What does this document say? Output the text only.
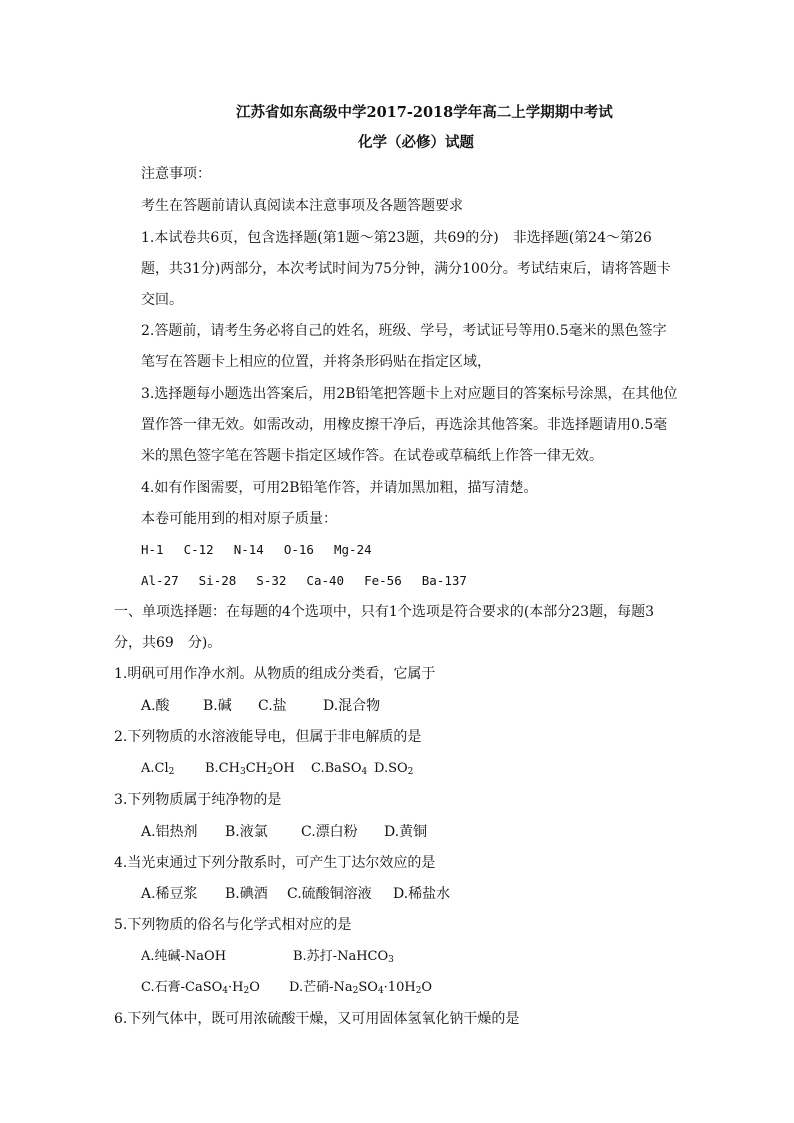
江苏省如东高级中学2017-2018学年高二上学期期中考试
化学（必修）试题
注意事项：
考生在答题前请认真阅读本注意事项及各题答题要求
1.本试卷共6页，包含选择题(第1题～第23题，共69的分)　非选择题(第24～第26
题，共31分)两部分，本次考试时间为75分钟，满分100分。考试结束后，请将答题卡
交回。
2.答题前，请考生务必将自己的姓名，班级、学号，考试证号等用0.5毫米的黑色签字
笔写在答题卡上相应的位置，并将条形码贴在指定区域，
3.选择题每小题选出答案后，用2B铅笔把答题卡上对应题目的答案标号涂黑，在其他位
置作答一律无效。如需改动，用橡皮擦干净后，再选涂其他答案。非选择题请用0.5毫
米的黑色签字笔在答题卡指定区域作答。在试卷或草稿纸上作答一律无效。
4.如有作图需要，可用2B铅笔作答，并请加黑加粗，描写清楚。
本卷可能用到的相对原子质量：
H-1　 C-12　 N-14　 O-16　 Mg-24
Al-27　 Si-28　 S-32　 Ca-40　 Fe-56　 Ba-137
一、单项选择题：在每题的4个选项中，只有1个选项是符合要求的(本部分23题，每题3
分，共69　分)。
1.明矾可用作净水剂。从物质的组成分类看，它属于
A.酸 B.碱 C.盐	D.混合物
2.下列物质的水溶液能导电，但属于非电解质的是
$A.Cl_2$ $B.CH_3CH_2OH$ C.BaSO$_4$ $D.SO_2$
3.下列物质属于纯净物的是
A.铝热剂 B.液氯 C.漂白粉 D.黄铜
4.当光束通过下列分散系时，可产生丁达尔效应的是
A.稀豆浆 B.碘酒 C.硫酸铜溶液 D.稀盐水
5.下列物质的俗名与化学式相对应的是
A.纯碱-NaOH	B.苏打-NaHCO$_3$
C.石膏$-CaSO_4\cdot H_2O$ D.芒硝$-Na_2SO_4\cdot 10H_2O$
6.下列气体中，既可用浓硫酸干燥，又可用固体氢氧化钠干燥的是
